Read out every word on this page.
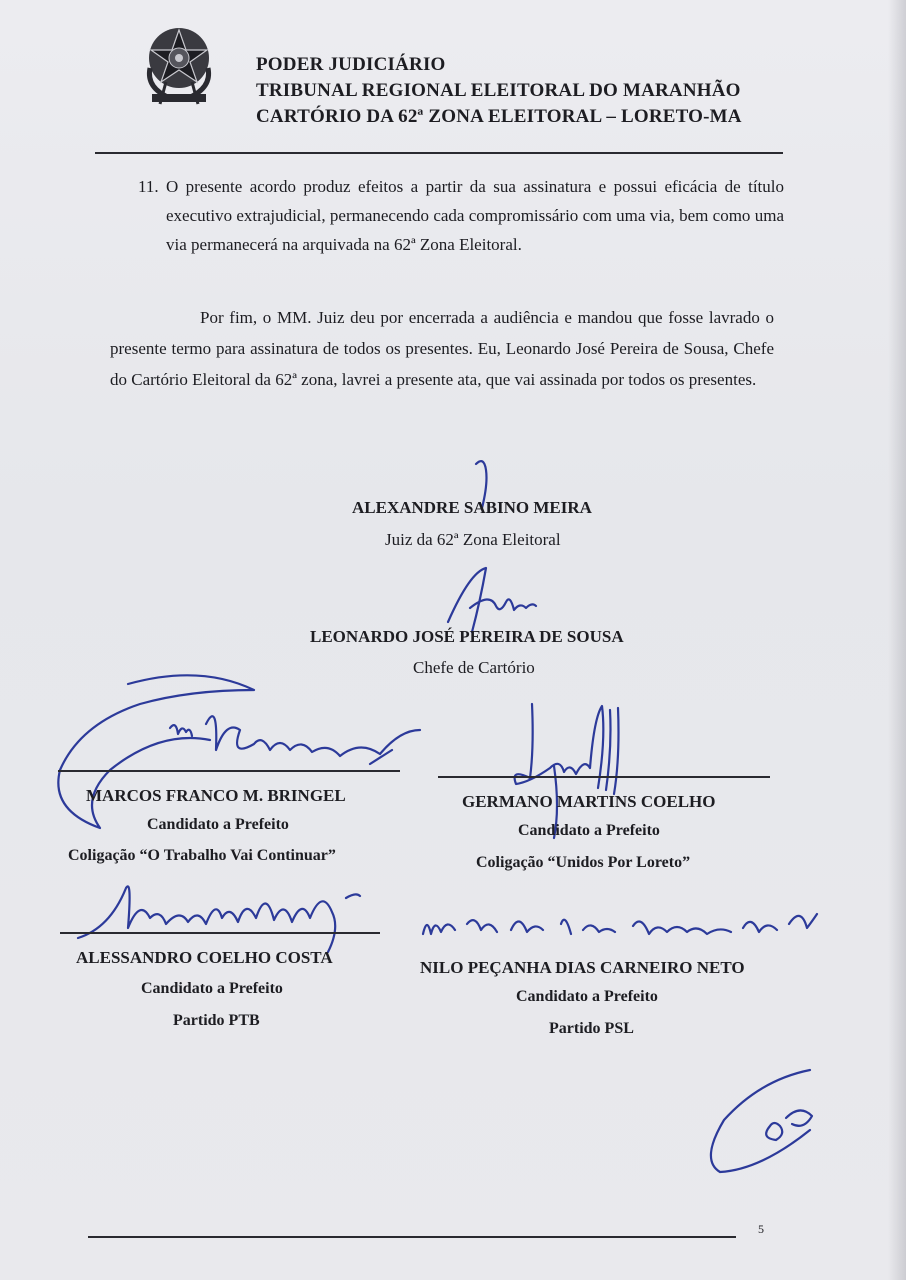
PODER JUDICIÁRIO
TRIBUNAL REGIONAL ELEITORAL DO MARANHÃO
CARTÓRIO DA 62ª ZONA ELEITORAL – LORETO-MA
11. O presente acordo produz efeitos a partir da sua assinatura e possui eficácia de título executivo extrajudicial, permanecendo cada compromissário com uma via, bem como uma via permanecerá na arquivada na 62ª Zona Eleitoral.
Por fim, o MM. Juiz deu por encerrada a audiência e mandou que fosse lavrado o presente termo para assinatura de todos os presentes. Eu, Leonardo José Pereira de Sousa, Chefe do Cartório Eleitoral da 62ª zona, lavrei a presente ata, que vai assinada por todos os presentes.
ALEXANDRE SABINO MEIRA
Juiz da 62ª Zona Eleitoral
LEONARDO JOSÉ PEREIRA DE SOUSA
Chefe de Cartório
MARCOS FRANCO M. BRINGEL
Candidato a Prefeito
Coligação “O Trabalho Vai Continuar”
GERMANO MARTINS COELHO
Candidato a Prefeito
Coligação “Unidos Por Loreto”
ALESSANDRO COELHO COSTA
Candidato a Prefeito
Partido PTB
NILO PEÇANHA DIAS CARNEIRO NETO
Candidato a Prefeito
Partido PSL
5
